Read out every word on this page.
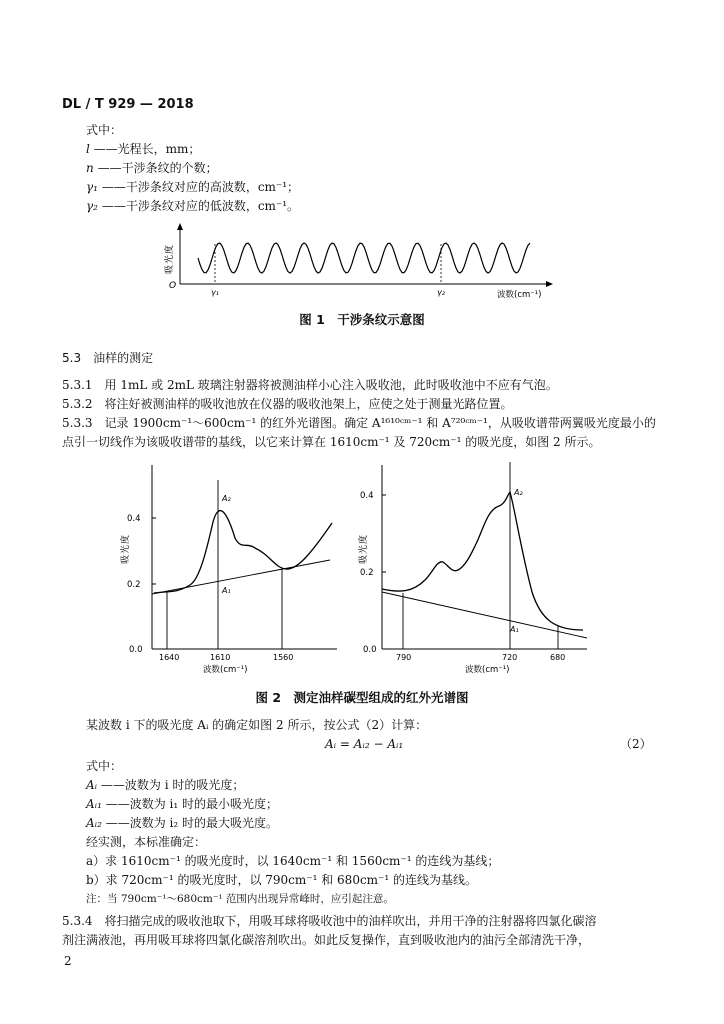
DL / T 929 — 2018
式中：
l ——光程长，mm；
n ——干涉条纹的个数；
γ₁ ——干涉条纹对应的高波数，cm⁻¹；
γ₂ ——干涉条纹对应的低波数，cm⁻¹。
吸光度
O
γ₁	γ₂	波数(cm⁻¹)
图 1　干涉条纹示意图
5.3　油样的测定
5.3.1　用 1mL 或 2mL 玻璃注射器将被测油样小心注入吸收池，此时吸收池中不应有气泡。
5.3.2　将注好被测油样的吸收池放在仪器的吸收池架上，应使之处于测量光路位置。
5.3.3　记录 1900cm⁻¹～600cm⁻¹ 的红外光谱图。确定 A¹⁶¹⁰ᶜᵐ⁻¹ 和 A⁷²⁰ᶜᵐ⁻¹，从吸收谱带两翼吸光度最小的
点引一切线作为该吸收谱带的基线，以它来计算在 1610cm⁻¹ 及 720cm⁻¹ 的吸光度，如图 2 所示。
0.4
0.2
0.0
吸光度
A₂
A₁
1640	1610	1560
波数(cm⁻¹)
0.4
0.2
0.0
吸光度
A₂
A₁
790	720	680
波数(cm⁻¹)
图 2　测定油样碳型组成的红外光谱图
某波数 i 下的吸光度 Aᵢ 的确定如图 2 所示，按公式（2）计算：
Aᵢ = Aᵢ₂ − Aᵢ₁	（2）
式中：
Aᵢ ——波数为 i 时的吸光度；
Aᵢ₁ ——波数为 i₁ 时的最小吸光度；
Aᵢ₂ ——波数为 i₂ 时的最大吸光度。
经实测，本标准确定：
a）求 1610cm⁻¹ 的吸光度时，以 1640cm⁻¹ 和 1560cm⁻¹ 的连线为基线；
b）求 720cm⁻¹ 的吸光度时，以 790cm⁻¹ 和 680cm⁻¹ 的连线为基线。
注：当 790cm⁻¹～680cm⁻¹ 范围内出现异常峰时，应引起注意。
5.3.4　将扫描完成的吸收池取下，用吸耳球将吸收池中的油样吹出，并用干净的注射器将四氯化碳溶
剂注满液池，再用吸耳球将四氯化碳溶剂吹出。如此反复操作，直到吸收池内的油污全部清洗干净，
2
